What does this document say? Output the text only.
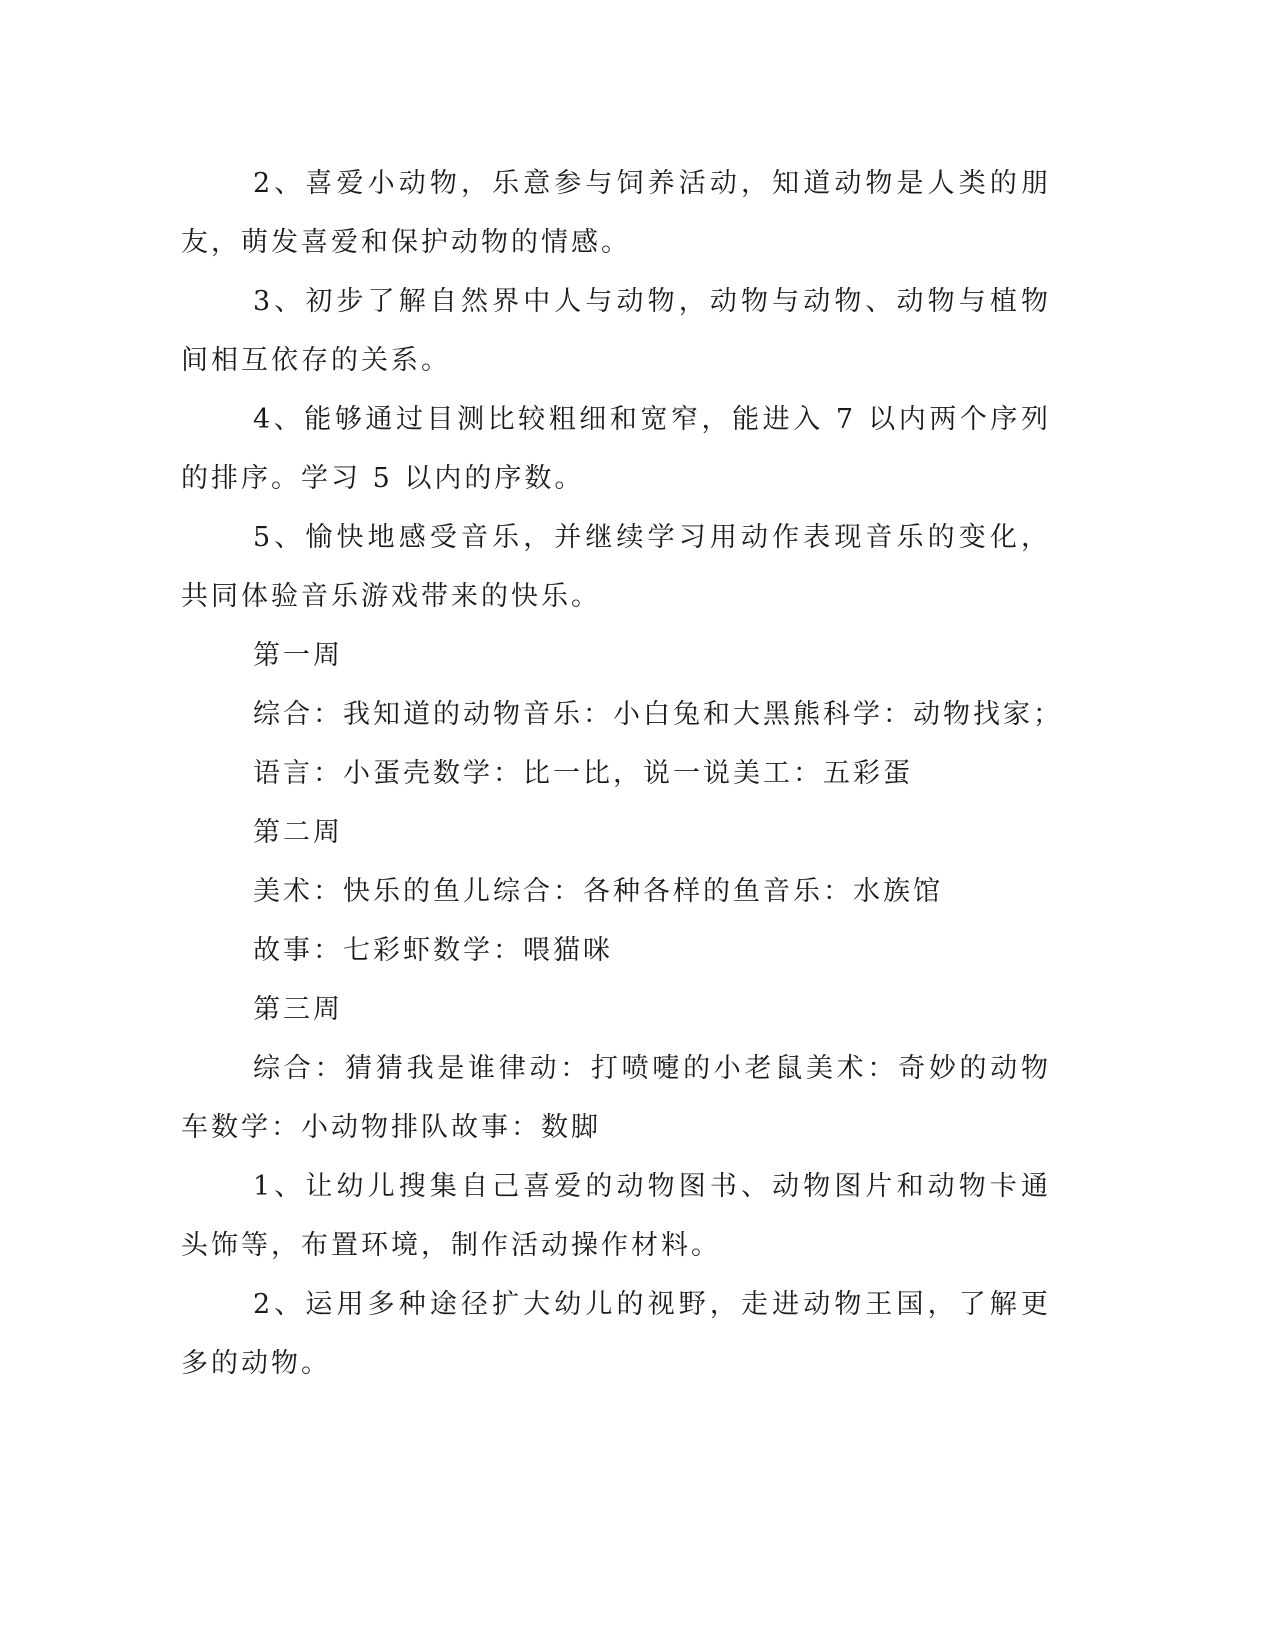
2、喜爱小动物，乐意参与饲养活动，知道动物是人类的朋友，萌发喜爱和保护动物的情感。

3、初步了解自然界中人与动物，动物与动物、动物与植物间相互依存的关系。

4、能够通过目测比较粗细和宽窄，能进入 7 以内两个序列的排序。学习 5 以内的序数。

5、愉快地感受音乐，并继续学习用动作表现音乐的变化，共同体验音乐游戏带来的快乐。

第一周

综合：我知道的动物音乐：小白兔和大黑熊科学：动物找家；

语言：小蛋壳数学：比一比，说一说美工：五彩蛋

第二周

美术：快乐的鱼儿综合：各种各样的鱼音乐：水族馆

故事：七彩虾数学：喂猫咪

第三周

综合：猜猜我是谁律动：打喷嚏的小老鼠美术：奇妙的动物车数学：小动物排队故事：数脚

1、让幼儿搜集自己喜爱的动物图书、动物图片和动物卡通头饰等，布置环境，制作活动操作材料。

2、运用多种途径扩大幼儿的视野，走进动物王国，了解更多的动物。
